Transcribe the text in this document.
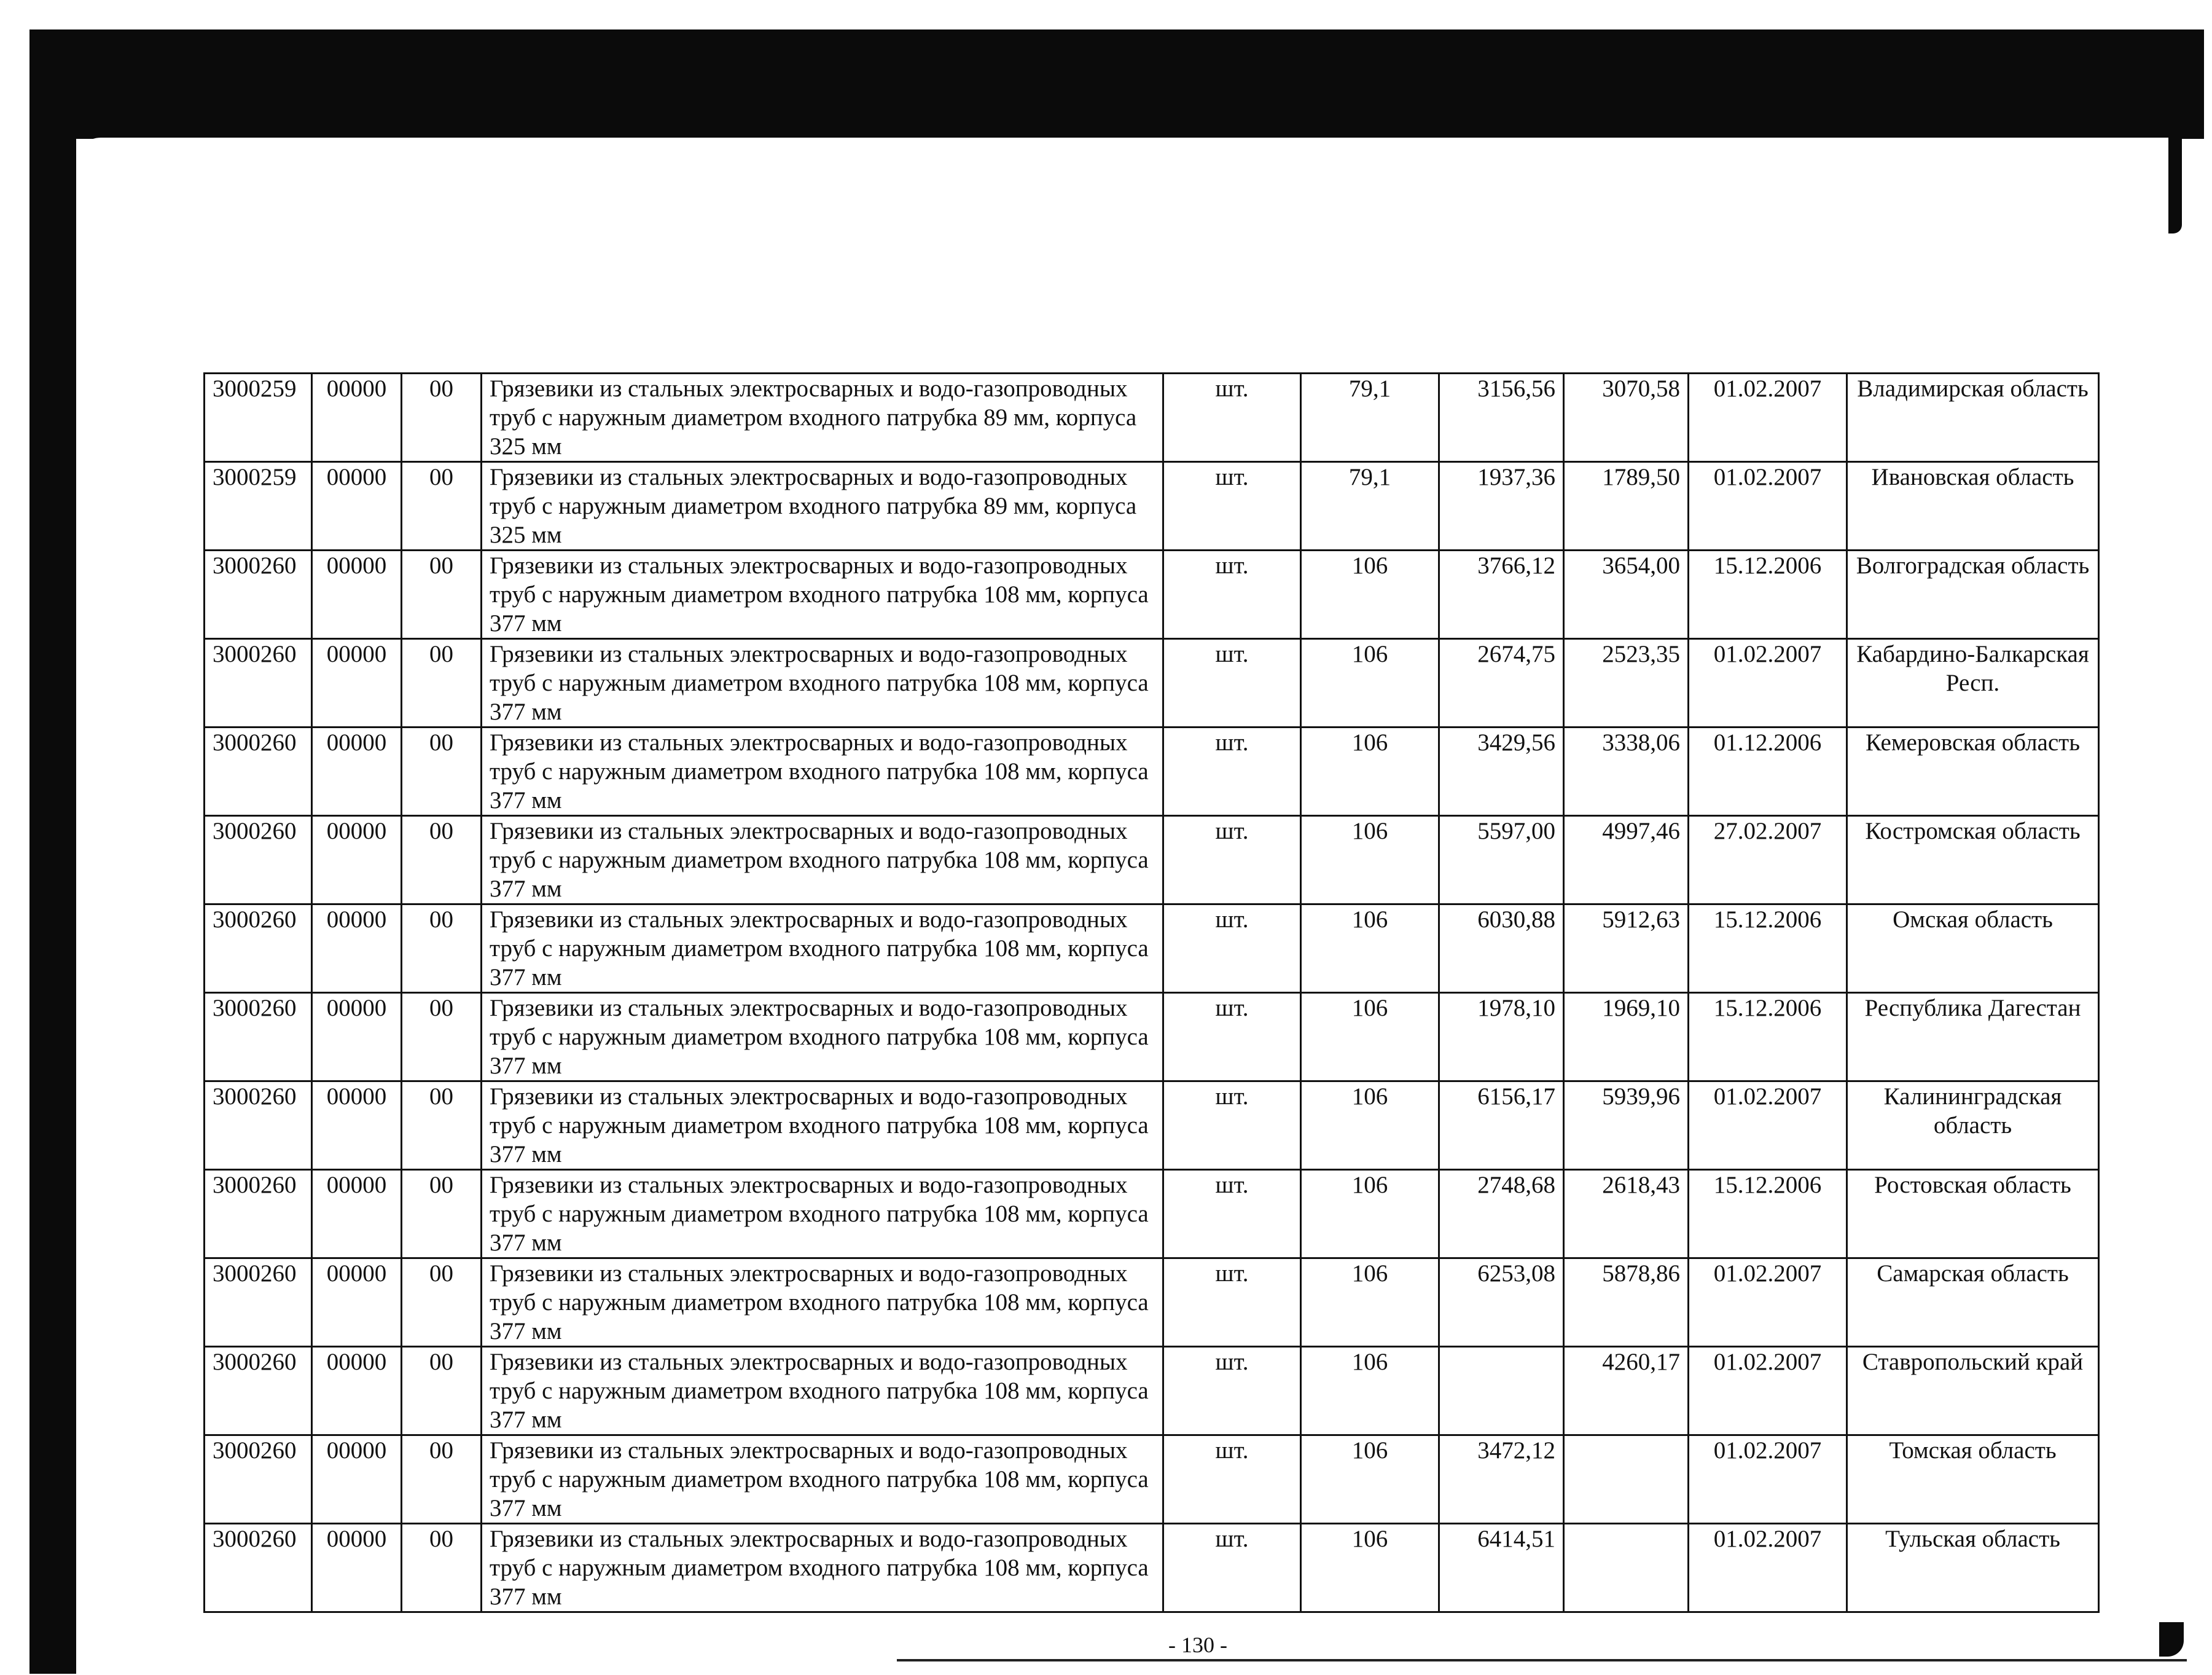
3000259	00000	00	Грязевики из стальных электросварных и водо-газопроводных труб с наружным диаметром входного патрубка 89 мм, корпуса 325 мм	шт.	79,1	3156,56	3070,58	01.02.2007	Владимирская область
3000259	00000	00	Грязевики из стальных электросварных и водо-газопроводных труб с наружным диаметром входного патрубка 89 мм, корпуса 325 мм	шт.	79,1	1937,36	1789,50	01.02.2007	Ивановская область
3000260	00000	00	Грязевики из стальных электросварных и водо-газопроводных труб с наружным диаметром входного патрубка 108 мм, корпуса 377 мм	шт.	106	3766,12	3654,00	15.12.2006	Волгоградская область
3000260	00000	00	Грязевики из стальных электросварных и водо-газопроводных труб с наружным диаметром входного патрубка 108 мм, корпуса 377 мм	шт.	106	2674,75	2523,35	01.02.2007	Кабардино-Балкарская Респ.
3000260	00000	00	Грязевики из стальных электросварных и водо-газопроводных труб с наружным диаметром входного патрубка 108 мм, корпуса 377 мм	шт.	106	3429,56	3338,06	01.12.2006	Кемеровская область
3000260	00000	00	Грязевики из стальных электросварных и водо-газопроводных труб с наружным диаметром входного патрубка 108 мм, корпуса 377 мм	шт.	106	5597,00	4997,46	27.02.2007	Костромская область
3000260	00000	00	Грязевики из стальных электросварных и водо-газопроводных труб с наружным диаметром входного патрубка 108 мм, корпуса 377 мм	шт.	106	6030,88	5912,63	15.12.2006	Омская область
3000260	00000	00	Грязевики из стальных электросварных и водо-газопроводных труб с наружным диаметром входного патрубка 108 мм, корпуса 377 мм	шт.	106	1978,10	1969,10	15.12.2006	Республика Дагестан
3000260	00000	00	Грязевики из стальных электросварных и водо-газопроводных труб с наружным диаметром входного патрубка 108 мм, корпуса 377 мм	шт.	106	6156,17	5939,96	01.02.2007	Калининградская область
3000260	00000	00	Грязевики из стальных электросварных и водо-газопроводных труб с наружным диаметром входного патрубка 108 мм, корпуса 377 мм	шт.	106	2748,68	2618,43	15.12.2006	Ростовская область
3000260	00000	00	Грязевики из стальных электросварных и водо-газопроводных труб с наружным диаметром входного патрубка 108 мм, корпуса 377 мм	шт.	106	6253,08	5878,86	01.02.2007	Самарская область
3000260	00000	00	Грязевики из стальных электросварных и водо-газопроводных труб с наружным диаметром входного патрубка 108 мм, корпуса 377 мм	шт.	106		4260,17	01.02.2007	Ставропольский край
3000260	00000	00	Грязевики из стальных электросварных и водо-газопроводных труб с наружным диаметром входного патрубка 108 мм, корпуса 377 мм	шт.	106	3472,12		01.02.2007	Томская область
3000260	00000	00	Грязевики из стальных электросварных и водо-газопроводных труб с наружным диаметром входного патрубка 108 мм, корпуса 377 мм	шт.	106	6414,51		01.02.2007	Тульская область
- 130 -
